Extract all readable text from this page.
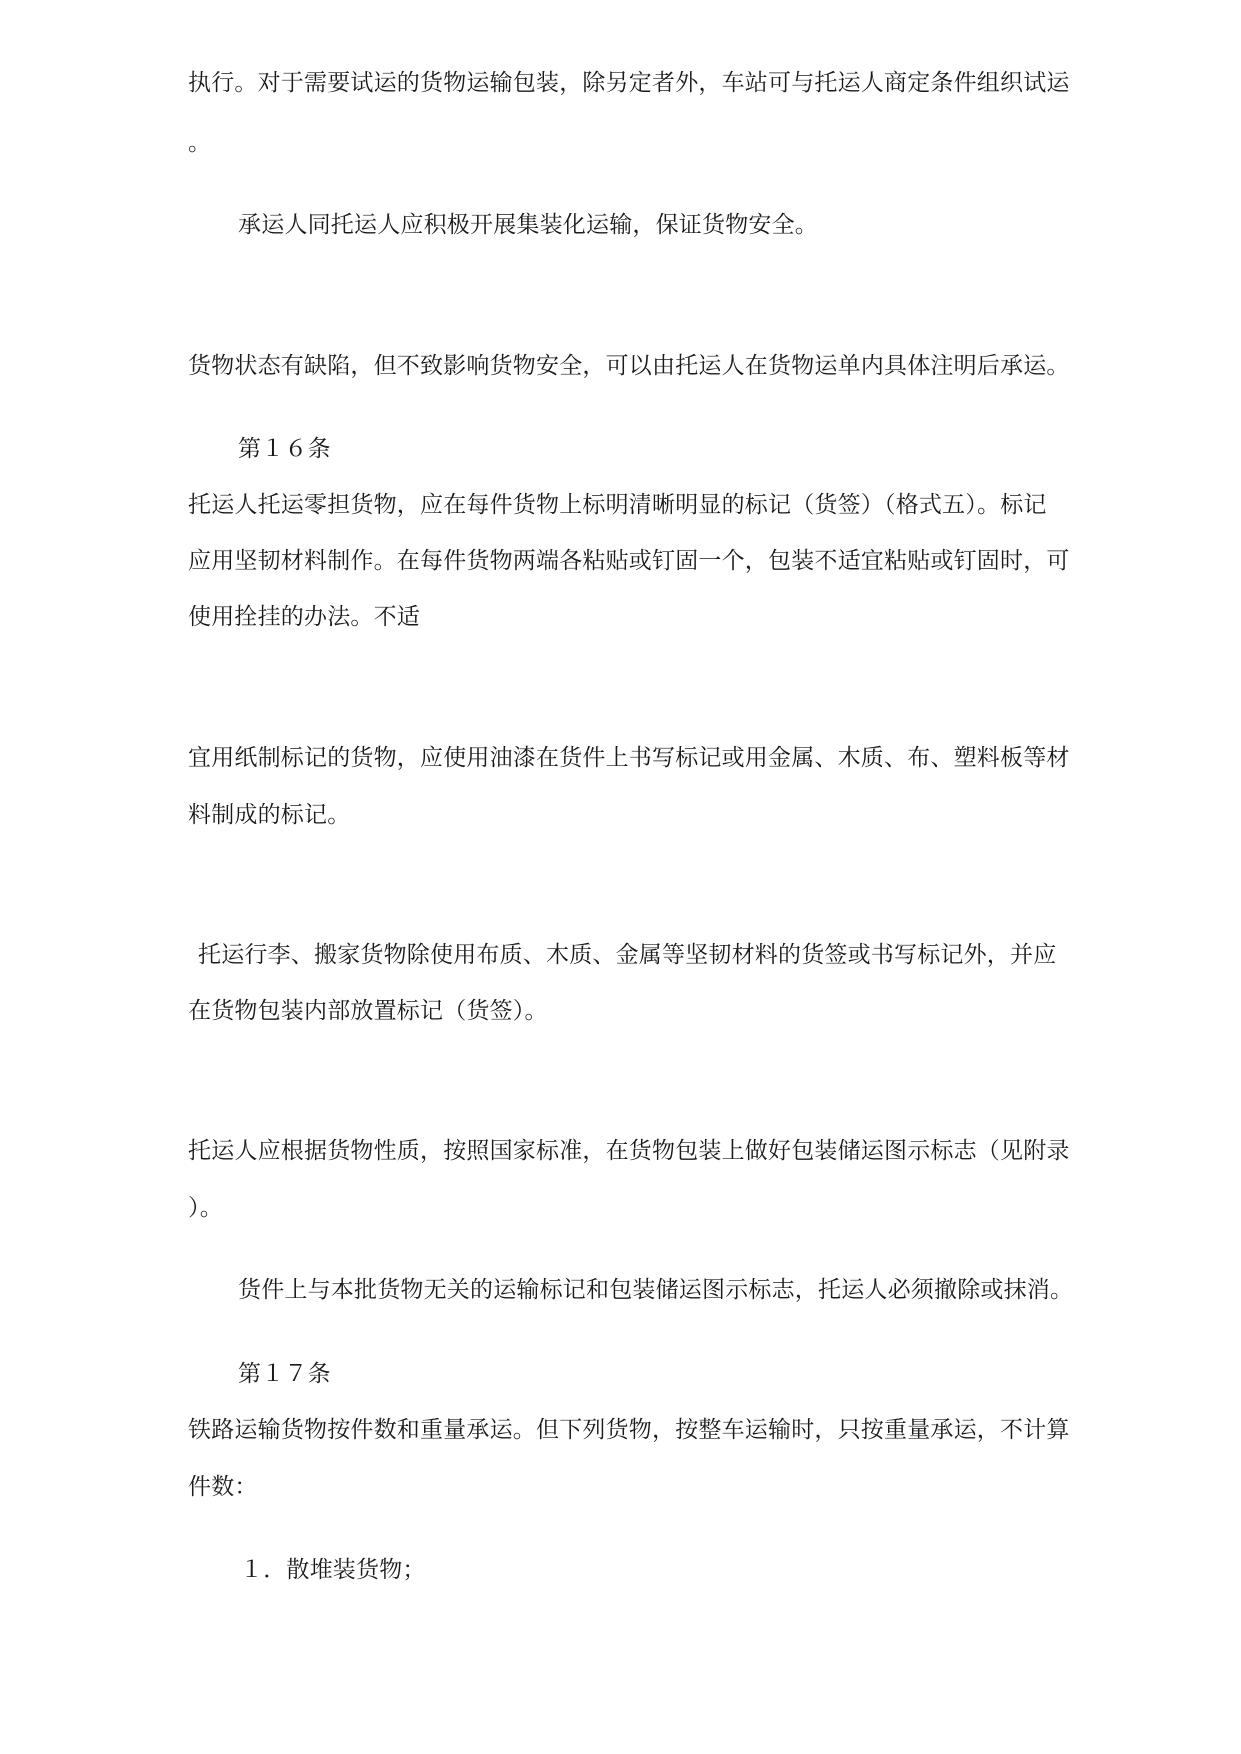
执行。对于需要试运的货物运输包装，除另定者外，车站可与托运人商定条件组织试运
。
承运人同托运人应积极开展集装化运输，保证货物安全。
货物状态有缺陷，但不致影响货物安全，可以由托运人在货物运单内具体注明后承运。
第１６条
托运人托运零担货物，应在每件货物上标明清晰明显的标记（货签）（格式五）。标记
应用坚韧材料制作。在每件货物两端各粘贴或钉固一个，包装不适宜粘贴或钉固时，可
使用拴挂的办法。不适
宜用纸制标记的货物，应使用油漆在货件上书写标记或用金属、木质、布、塑料板等材
料制成的标记。
托运行李、搬家货物除使用布质、木质、金属等坚韧材料的货签或书写标记外，并应
在货物包装内部放置标记（货签）。
托运人应根据货物性质，按照国家标准，在货物包装上做好包装储运图示标志（见附录
）。
货件上与本批货物无关的运输标记和包装储运图示标志，托运人必须撤除或抹消。
第１７条
铁路运输货物按件数和重量承运。但下列货物，按整车运输时，只按重量承运，不计算
件数：
１．散堆装货物；
